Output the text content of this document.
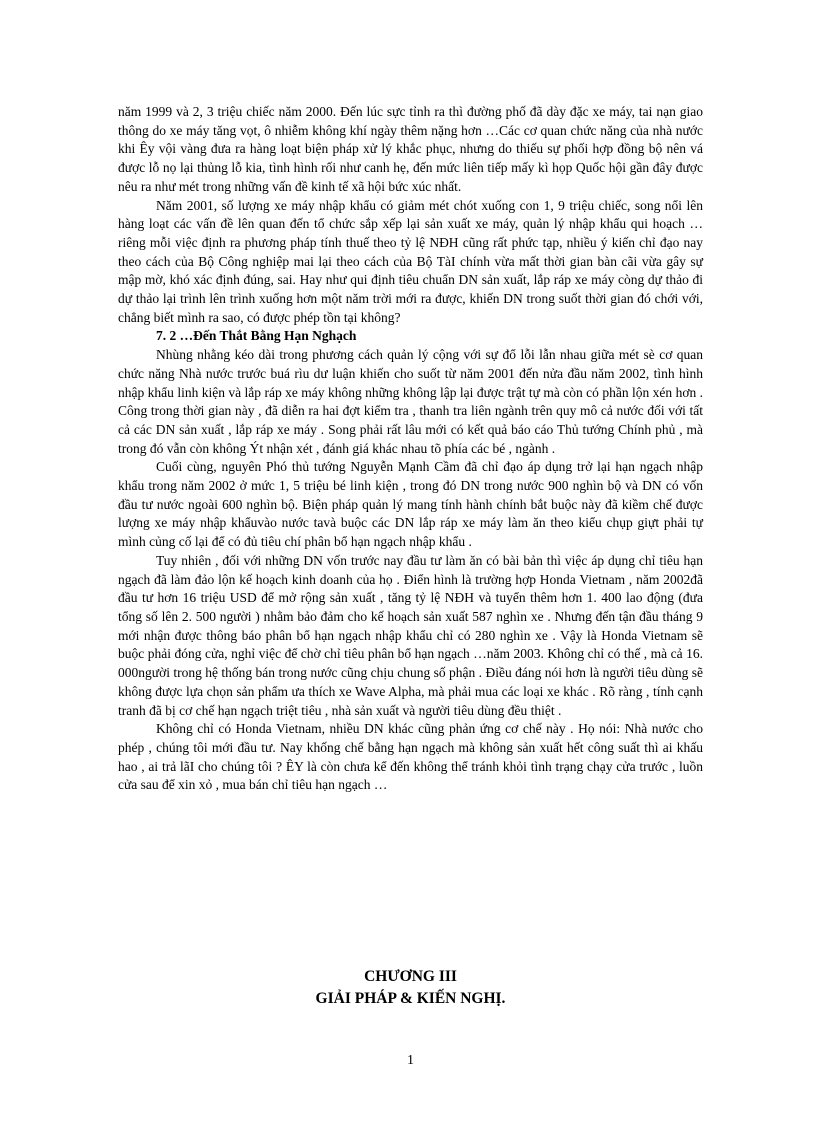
năm 1999 và 2, 3 triệu chiếc năm 2000. Đến lúc sực tỉnh ra thì đường phố đã dày đặc xe máy, tai nạn giao thông do xe máy tăng vọt, ô nhiễm không khí ngày thêm nặng hơn …Các cơ quan chức năng của nhà nước khi Êy vội vàng đưa ra hàng loạt biện pháp xử lý khắc phục, nhưng do thiếu sự phối hợp đồng bộ nên vá được lỗ nọ lại thủng lỗ kia, tình hình rối như canh hẹ, đến mức liên tiếp mấy kì họp Quốc hội gần đây được nêu ra như mét trong những vấn đề kinh tế xã hội bức xúc nhất.

Năm 2001, số lượng xe máy nhập khẩu có giảm mét chót xuống con 1, 9 triệu chiếc, song nổi lên hàng loạt các vấn đề lên quan đến tổ chức sắp xếp lại sản xuất xe máy, quản lý nhập khẩu qui hoạch … riêng mỗi việc định ra phương pháp tính thuế theo tỷ lệ NĐH cũng rất phức tạp, nhiều ý kiến chỉ đạo nay theo cách của Bộ Công nghiệp mai lại theo cách của Bộ TàI chính vừa mất thời gian bàn cãi vừa gây sự mập mờ, khó xác định đúng, sai. Hay như qui định tiêu chuẩn DN sản xuất, lắp ráp xe máy còng dự thảo đi dự thảo lại trình lên trình xuống hơn một năm trời mới ra được, khiến DN trong suốt thời gian đó chới với, chẳng biết mình ra sao, có được phép tồn tại không?

7. 2 …Đến Thắt Bằng Hạn Nghạch

Nhùng nhằng kéo dài trong phương cách quản lý cộng với sự đổ lỗi lẫn nhau giữa mét sè cơ quan chức năng Nhà nước trước buá rìu dư luận khiến cho suốt từ năm 2001 đến nửa đầu năm 2002, tình hình nhập khẩu linh kiện và lắp ráp xe máy không những không lập lại được trật tự mà còn có phần lộn xén hơn . Công trong thời gian này , đã diễn ra hai đợt kiểm tra , thanh tra liên ngành trên quy mô cả nước đối với tất cả các DN sản xuất , lắp ráp xe máy . Song phải rất lâu mới có kết quả báo cáo Thủ tướng Chính phủ , mà trong đó vẫn còn không Ýt nhận xét , đánh giá khác nhau tõ phía các bé , ngành .

Cuối cùng, nguyên Phó thủ tướng Nguyễn Mạnh Cầm đã chỉ đạo áp dụng trở lại hạn ngạch nhập khẩu trong năm 2002 ở mức 1, 5 triệu bé linh kiện , trong đó DN trong nước 900 nghìn bộ và DN có vốn đầu tư nước ngoài 600 nghìn bộ. Biện pháp quản lý mang tính hành chính bắt buộc này đã kiềm chế được lượng xe máy nhập khẩuvào nước tavà buộc các DN lắp ráp xe máy làm ăn theo kiểu chụp giựt phải tự mình củng cố lại để có đủ tiêu chí phân bổ hạn ngạch nhập khẩu .

Tuy nhiên , đối với những DN vốn trước nay đầu tư làm ăn có bài bản thì việc áp dụng chỉ tiêu hạn ngạch đã làm đảo lộn kế hoạch kinh doanh của họ . Điển hình là trường hợp Honda Vietnam , năm 2002đã đầu tư hơn 16 triệu USD để mở rộng sản xuất , tăng tỷ lệ NĐH và tuyển thêm hơn 1. 400 lao động (đưa tổng số lên 2. 500 người ) nhằm bảo đảm cho kế hoạch sản xuất 587 nghìn xe . Nhưng đến tận đầu tháng 9 mới nhận được thông báo phân bổ hạn ngạch nhập khẩu chỉ có 280 nghìn xe . Vậy là Honda Vietnam sẽ buộc phải đóng cửa, nghỉ việc để chờ chỉ tiêu phân bổ hạn ngạch …năm 2003. Không chỉ có thế , mà cả 16. 000người trong hệ thống bán trong nước cũng chịu chung số phận . Điều đáng nói hơn là người tiêu dùng sẽ không được lựa chọn sản phẩm ưa thích xe Wave Alpha, mà phải mua các loại xe khác . Rõ ràng , tính cạnh tranh đã bị cơ chế hạn ngạch triệt tiêu , nhà sản xuất và người tiêu dùng đều thiệt .

Không chỉ có Honda Vietnam, nhiều DN khác cũng phản ứng cơ chế này . Họ nói: Nhà nước cho phép , chúng tôi mới đầu tư. Nay khống chế bằng hạn ngạch mà không sản xuất hết công suất thì ai khấu hao , ai trả lãI cho chúng tôi ? ÊY là còn chưa kể đến không thể tránh khỏi tình trạng chạy cửa trước , luồn cửa sau để xin xỏ , mua bán chỉ tiêu hạn ngạch …

CHƯƠNG III
GIẢI PHÁP & KIẾN NGHỊ.
1
